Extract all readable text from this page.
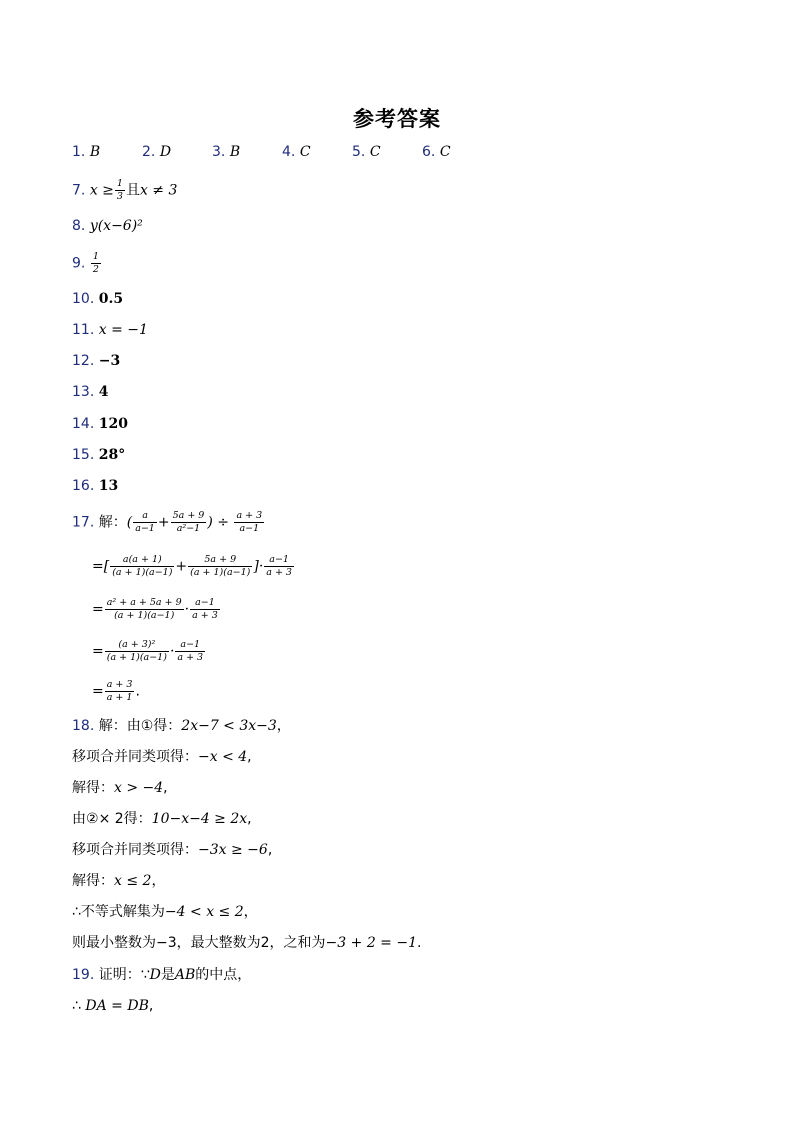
参考答案
1. B	2. D	3. B	4. C	5. C	6. C
7. $x \ge \frac{1}{3}$ 且x ≠ 3
8. y(x−6)²
9. $\frac{1}{2}$
10. 0.5
11. x = −1
12. −3
13. 4
14. 120
15. 28°
16. 13
17. 解：( $\frac{a}{a-1} + \frac{5a + 9}{\text{a²−1}}$ ) ÷ $\frac{a + 3}{a-1}$
=[ $\frac{a(a + 1)}{(a + 1)(a-1)} + \frac{5a + 9}{(a + 1)(a-1)}$ ]· $\frac{a-1}{a + 3}$
= $\frac{\text{a² + a + 5a + 9}}{(a + 1)(a-1)} \cdot \frac{a-1}{a + 3}$
= $\frac{\text{(a + 3)²}}{(a + 1)(a-1)} \cdot \frac{a-1}{a + 3}$
= $\frac{a + 3}{a + 1}$ .
18. 解：由①得：2x−7 < 3x−3，
移项合并同类项得：−x < 4,
解得：x > −4,
由②× 2得：10−x−4 ≥ 2x,
移项合并同类项得：−3x ≥ −6,
解得：x ≤ 2，
∴不等式解集为−4 < x ≤ 2，
则最小整数为−3，最大整数为2，之和为−3 + 2 = −1.
19. 证明：∵D是AB的中点，
∴ DA = DB,
